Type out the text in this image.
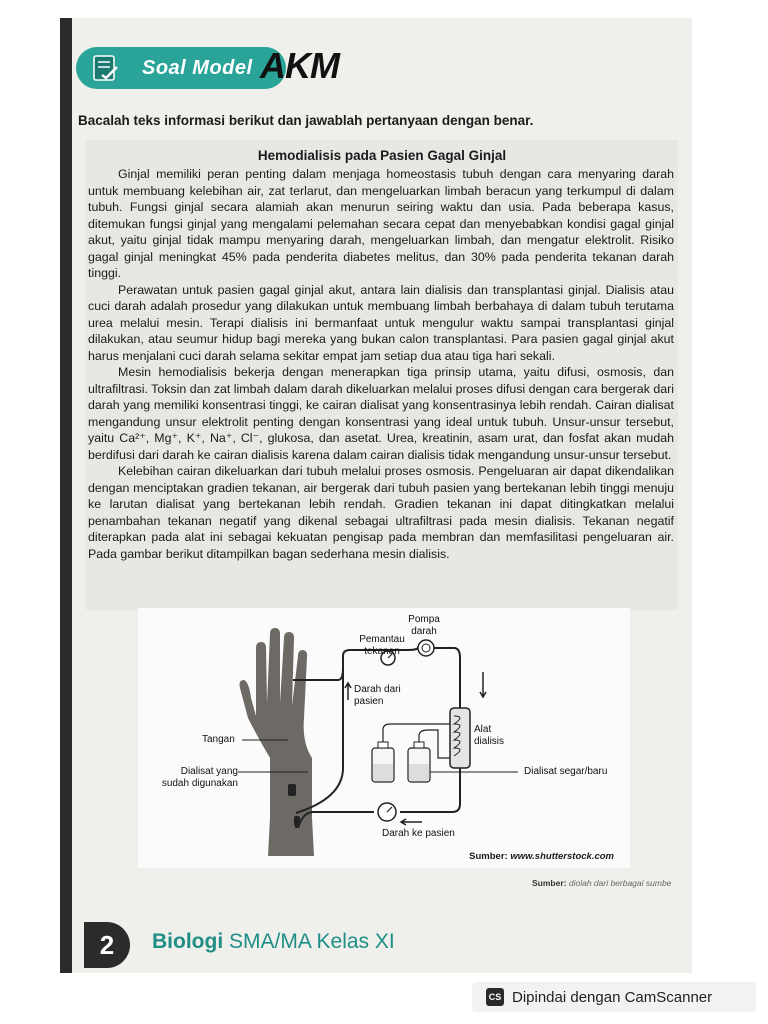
Soal Model AKM
Bacalah teks informasi berikut dan jawablah pertanyaan dengan benar.
Hemodialisis pada Pasien Gagal Ginjal

Ginjal memiliki peran penting dalam menjaga homeostasis tubuh dengan cara menyaring darah untuk membuang kelebihan air, zat terlarut, dan mengeluarkan limbah beracun yang terkumpul di dalam tubuh. Fungsi ginjal secara alamiah akan menurun seiring waktu dan usia. Pada beberapa kasus, ditemukan fungsi ginjal yang mengalami pelemahan secara cepat dan menyebabkan kondisi gagal ginjal akut, yaitu ginjal tidak mampu menyaring darah, mengeluarkan limbah, dan mengatur elektrolit. Risiko gagal ginjal meningkat 45% pada penderita diabetes melitus, dan 30% pada penderita tekanan darah tinggi.

Perawatan untuk pasien gagal ginjal akut, antara lain dialisis dan transplantasi ginjal. Dialisis atau cuci darah adalah prosedur yang dilakukan untuk membuang limbah berbahaya di dalam tubuh terutama urea melalui mesin. Terapi dialisis ini bermanfaat untuk mengulur waktu sampai transplantasi ginjal dilakukan, atau seumur hidup bagi mereka yang bukan calon transplantasi. Para pasien gagal ginjal akut harus menjalani cuci darah selama sekitar empat jam setiap dua atau tiga hari sekali.

Mesin hemodialisis bekerja dengan menerapkan tiga prinsip utama, yaitu difusi, osmosis, dan ultrafiltrasi. Toksin dan zat limbah dalam darah dikeluarkan melalui proses difusi dengan cara bergerak dari darah yang memiliki konsentrasi tinggi, ke cairan dialisat yang konsentrasinya lebih rendah. Cairan dialisat mengandung unsur elektrolit penting dengan konsentrasi yang ideal untuk tubuh. Unsur-unsur tersebut, yaitu Ca²⁺, Mg⁺, K⁺, Na⁺, Cl⁻, glukosa, dan asetat. Urea, kreatinin, asam urat, dan fosfat akan mudah berdifusi dari darah ke cairan dialisis karena dalam cairan dialisis tidak mengandung unsur-unsur tersebut.

Kelebihan cairan dikeluarkan dari tubuh melalui proses osmosis. Pengeluaran air dapat dikendalikan dengan menciptakan gradien tekanan, air bergerak dari tubuh pasien yang bertekanan lebih tinggi menuju ke larutan dialisat yang bertekanan lebih rendah. Gradien tekanan ini dapat ditingkatkan melalui penambahan tekanan negatif yang dikenal sebagai ultrafiltrasi pada mesin dialisis. Tekanan negatif diterapkan pada alat ini sebagai kekuatan pengisap pada membran dan memfasilitasi pengeluaran air. Pada gambar berikut ditampilkan bagan sederhana mesin dialisis.

Pompa darah
Pemantau tekanan
Darah dari pasien
Alat dialisis
Tangan
Dialisat yang sudah digunakan
Dialisat segar/baru
Darah ke pasien
Sumber: www.shutterstock.com
Sumber: diolah dari berbagai sumbe
2	Biologi SMA/MA Kelas XI
CS Dipindai dengan CamScanner
